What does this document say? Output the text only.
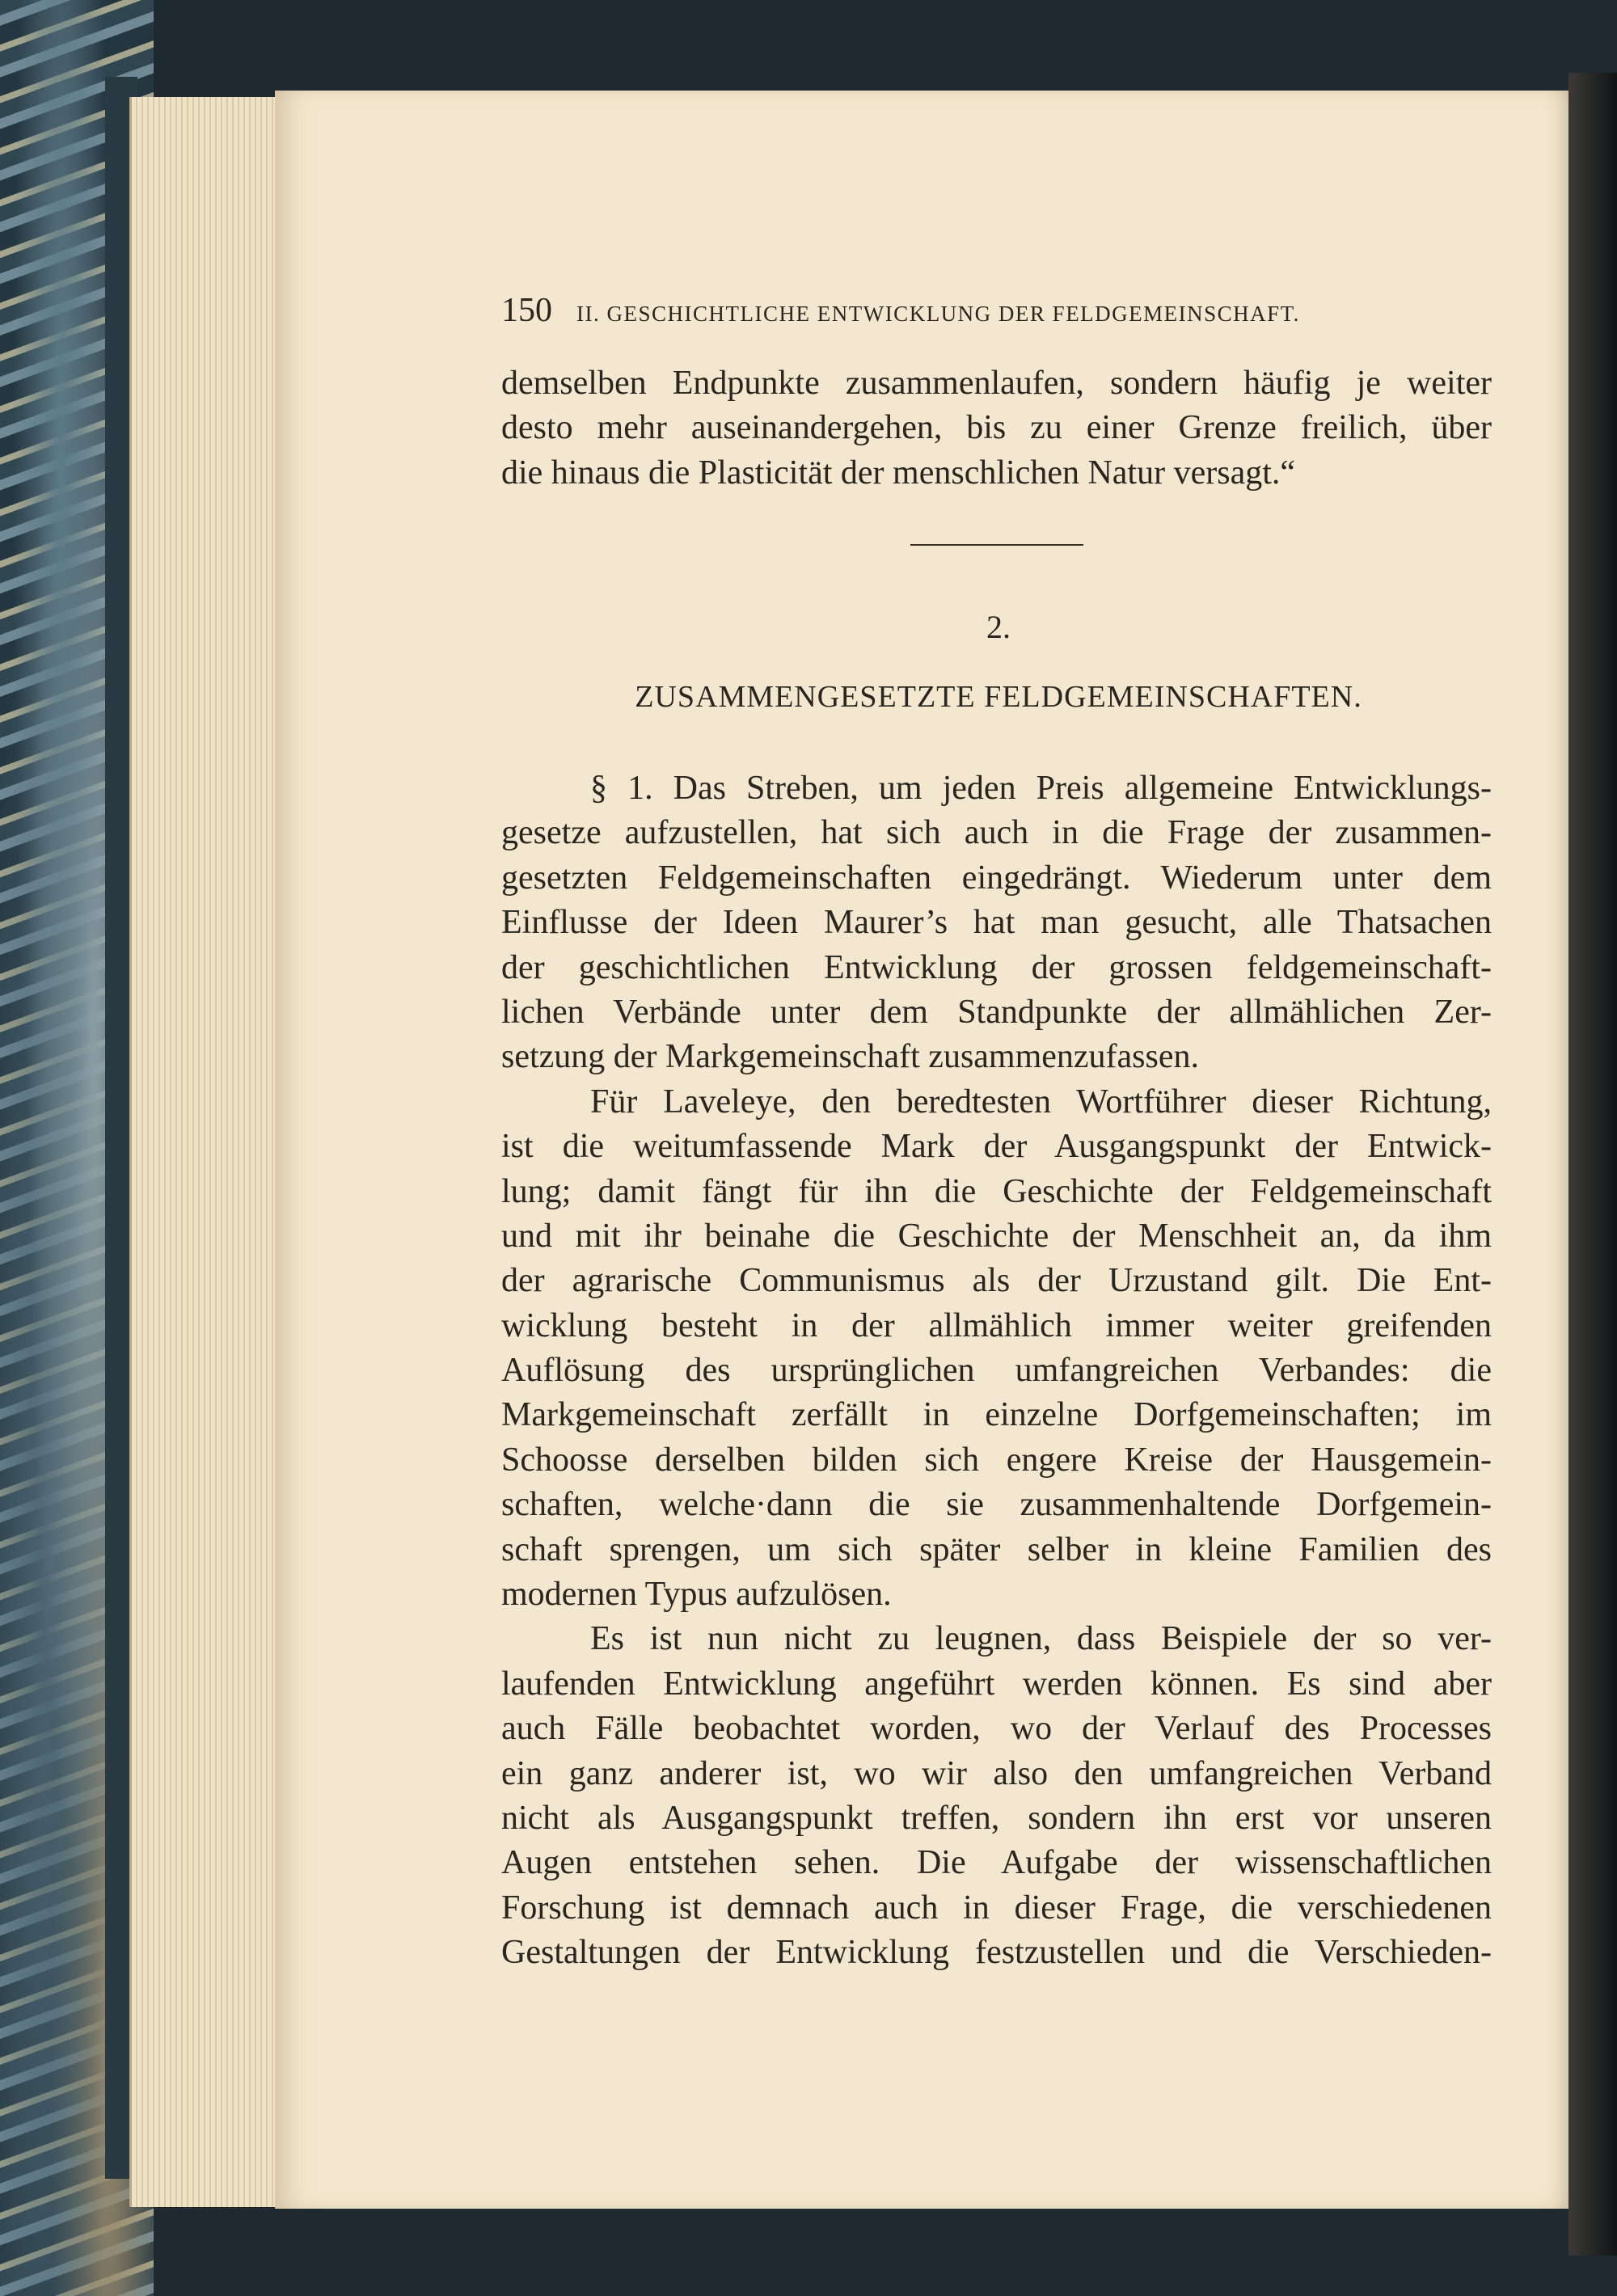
150 II. GESCHICHTLICHE ENTWICKLUNG DER FELDGEMEINSCHAFT.
demselben Endpunkte zusammenlaufen, sondern häufig je weiter
desto mehr auseinandergehen, bis zu einer Grenze freilich, über
die hinaus die Plasticität der menschlichen Natur versagt.“
2.
ZUSAMMENGESETZTE FELDGEMEINSCHAFTEN.
§ 1. Das Streben, um jeden Preis allgemeine Entwicklungs-
gesetze aufzustellen, hat sich auch in die Frage der zusammen-
gesetzten Feldgemeinschaften eingedrängt. Wiederum unter dem
Einflusse der Ideen Maurer’s hat man gesucht, alle Thatsachen
der geschichtlichen Entwicklung der grossen feldgemeinschaft-
lichen Verbände unter dem Standpunkte der allmählichen Zer-
setzung der Markgemeinschaft zusammenzufassen.
Für Laveleye, den beredtesten Wortführer dieser Richtung,
ist die weitumfassende Mark der Ausgangspunkt der Entwick-
lung; damit fängt für ihn die Geschichte der Feldgemeinschaft
und mit ihr beinahe die Geschichte der Menschheit an, da ihm
der agrarische Communismus als der Urzustand gilt. Die Ent-
wicklung besteht in der allmählich immer weiter greifenden
Auflösung des ursprünglichen umfangreichen Verbandes: die
Markgemeinschaft zerfällt in einzelne Dorfgemeinschaften; im
Schoosse derselben bilden sich engere Kreise der Hausgemein-
schaften, welche·dann die sie zusammenhaltende Dorfgemein-
schaft sprengen, um sich später selber in kleine Familien des
modernen Typus aufzulösen.
Es ist nun nicht zu leugnen, dass Beispiele der so ver-
laufenden Entwicklung angeführt werden können. Es sind aber
auch Fälle beobachtet worden, wo der Verlauf des Processes
ein ganz anderer ist, wo wir also den umfangreichen Verband
nicht als Ausgangspunkt treffen, sondern ihn erst vor unseren
Augen entstehen sehen. Die Aufgabe der wissenschaftlichen
Forschung ist demnach auch in dieser Frage, die verschiedenen
Gestaltungen der Entwicklung festzustellen und die Verschieden-
